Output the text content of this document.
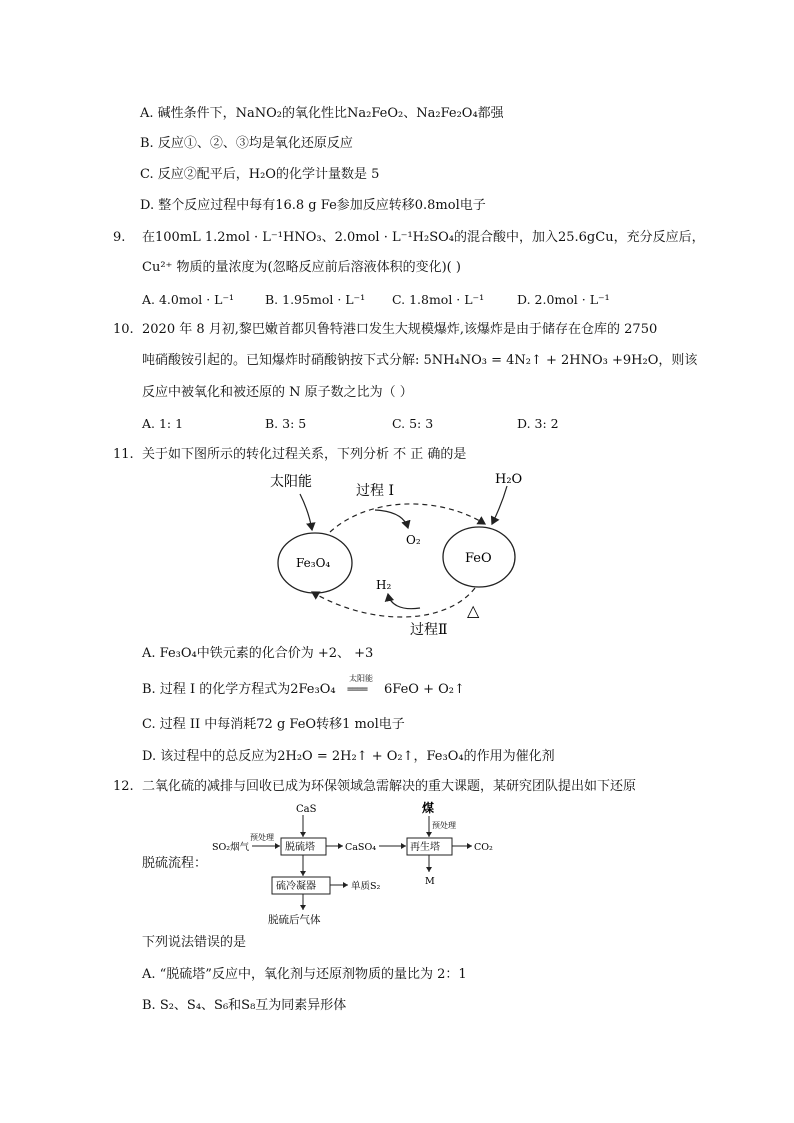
A. 碱性条件下，NaNO₂的氧化性比Na₂FeO₂、Na₂Fe₂O₄都强
B. 反应①、②、③均是氧化还原反应
C. 反应②配平后，H₂O的化学计量数是 5
D. 整个反应过程中每有16.8 g Fe参加反应转移0.8mol电子
9. 在100mL 1.2mol · L⁻¹HNO₃、2.0mol · L⁻¹H₂SO₄的混合酸中，加入25.6gCu，充分反应后，
Cu²⁺ 物质的量浓度为(忽略反应前后溶液体积的变化)( )
A. 4.0mol · L⁻¹ B. 1.95mol · L⁻¹ C. 1.8mol · L⁻¹	D. 2.0mol · L⁻¹
10. 2020 年 8 月初,黎巴嫩首都贝鲁特港口发生大规模爆炸,该爆炸是由于储存在仓库的 2750
吨硝酸铵引起的。已知爆炸时硝酸钠按下式分解: 5NH₄NO₃ = 4N₂↑ + 2HNO₃ +9H₂O，则该
反应中被氧化和被还原的 N 原子数之比为（ ）
A. 1: 1	B. 3: 5	C. 5: 3	D. 3: 2
11. 关于如下图所示的转化过程关系，下列分析 不 正 确的是
太阳能
过程 I
H₂O
O₂
Fe₃O₄	FeO
H₂
过程Ⅱ
△
A. Fe₃O₄中铁元素的化合价为 +2、 +3
B. 过程 I 的化学方程式为2Fe₃O₄
太阳能
==== 6FeO + O₂↑
C. 过程 II 中每消耗72 g FeO转移1 mol电子
D. 该过程中的总反应为2H₂O = 2H₂↑ + O₂↑，Fe₃O₄的作用为催化剂
12. 二氧化硫的减排与回收已成为环保领域急需解决的重大课题，某研究团队提出如下还原
脱硫流程：
CaS
预处理
SO₂烟气	脱硫塔	CaSO₄
煤
预处理
再生塔	CO₂
M
硫冷凝器	单质S₂
脱硫后气体
下列说法错误的是
A. “脱硫塔”反应中，氧化剂与还原剂物质的量比为 2：1
B. S₂、S₄、S₆和S₈互为同素异形体
